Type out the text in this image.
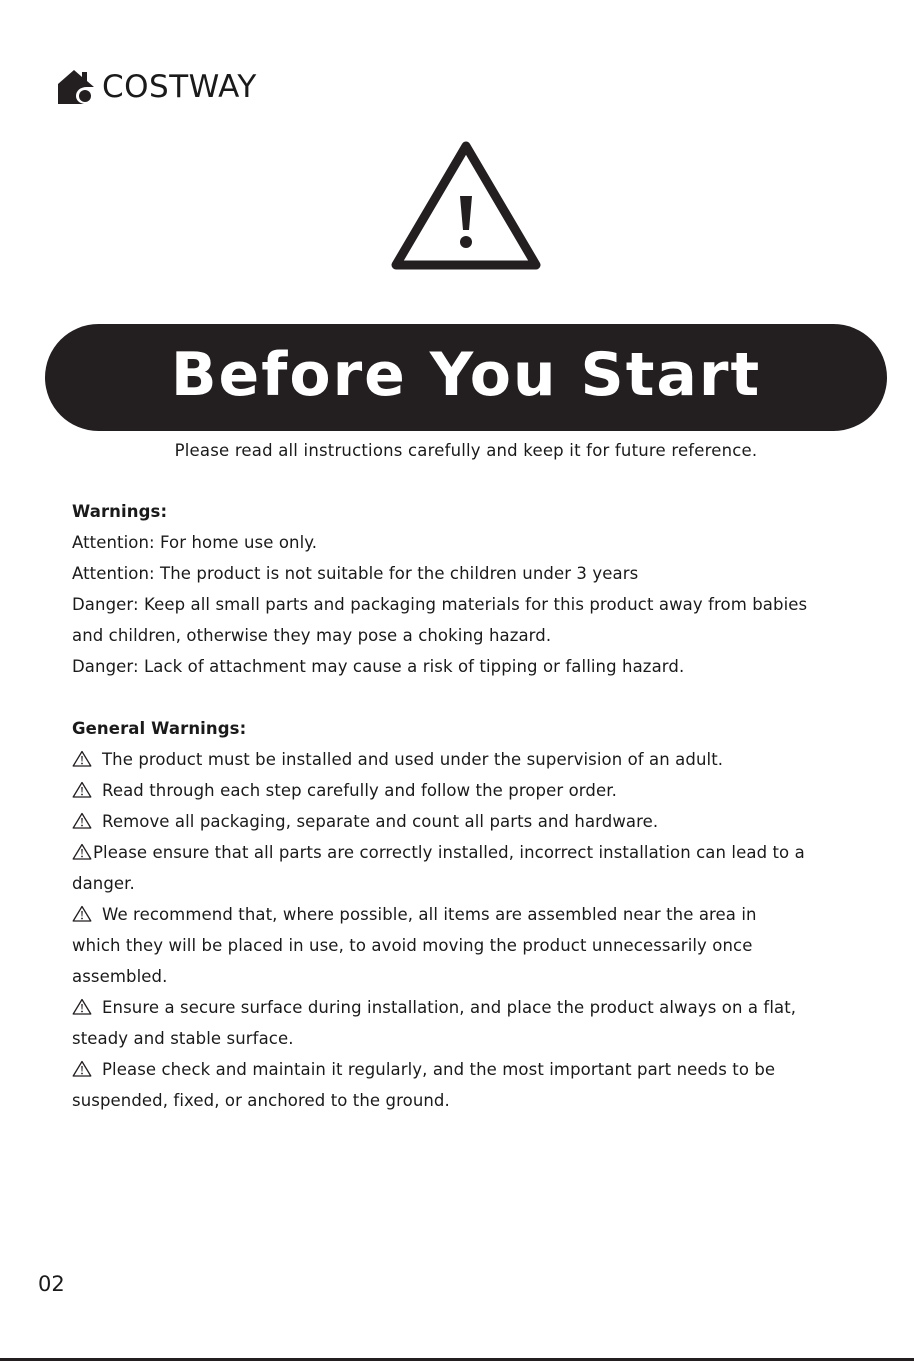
COSTWAY
Before You Start
Please read all instructions carefully and keep it for future reference.

Warnings:

Attention: For home use only.

Attention: The product is not suitable for the children under 3 years

Danger: Keep all small parts and packaging materials for this product away from babies

and children, otherwise they may pose a choking hazard.

Danger: Lack of attachment may cause a risk of tipping or falling hazard.

General Warnings:

The product must be installed and used under the supervision of an adult.

Read through each step carefully and follow the proper order.

Remove all packaging, separate and count all parts and hardware.

Please ensure that all parts are correctly installed, incorrect installation can lead to a

danger.

We recommend that, where possible, all items are assembled near the area in

which they will be placed in use, to avoid moving the product unnecessarily once

assembled.

Ensure a secure surface during installation, and place the product always on a flat,

steady and stable surface.

Please check and maintain it regularly, and the most important part needs to be

suspended, fixed, or anchored to the ground.

02
